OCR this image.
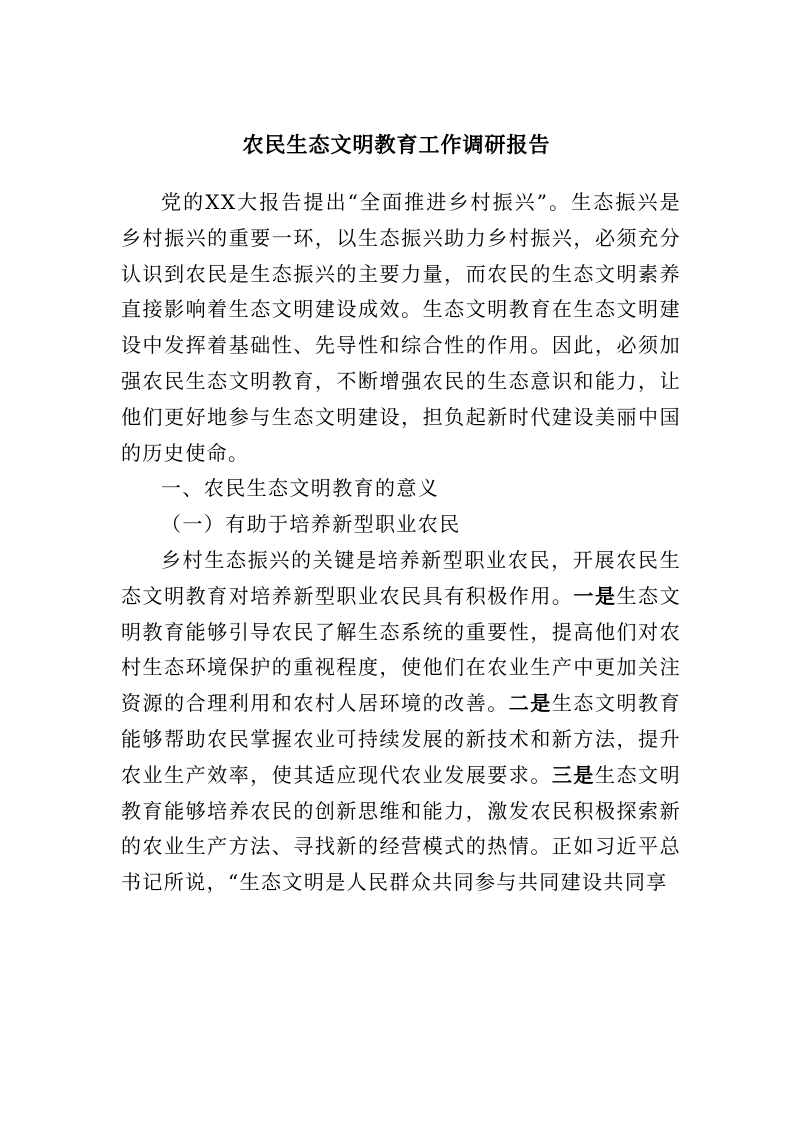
农民生态文明教育工作调研报告

党的XX大报告提出“全面推进乡村振兴”。生态振兴是乡村振兴的重要一环，以生态振兴助力乡村振兴，必须充分认识到农民是生态振兴的主要力量，而农民的生态文明素养直接影响着生态文明建设成效。生态文明教育在生态文明建设中发挥着基础性、先导性和综合性的作用。因此，必须加强农民生态文明教育，不断增强农民的生态意识和能力，让他们更好地参与生态文明建设，担负起新时代建设美丽中国的历史使命。

一、农民生态文明教育的意义

（一）有助于培养新型职业农民

乡村生态振兴的关键是培养新型职业农民，开展农民生态文明教育对培养新型职业农民具有积极作用。一是生态文明教育能够引导农民了解生态系统的重要性，提高他们对农村生态环境保护的重视程度，使他们在农业生产中更加关注资源的合理利用和农村人居环境的改善。二是生态文明教育能够帮助农民掌握农业可持续发展的新技术和新方法，提升农业生产效率，使其适应现代农业发展要求。三是生态文明教育能够培养农民的创新思维和能力，激发农民积极探索新的农业生产方法、寻找新的经营模式的热情。正如习近平总书记所说，“生态文明是人民群众共同参与共同建设共同享
